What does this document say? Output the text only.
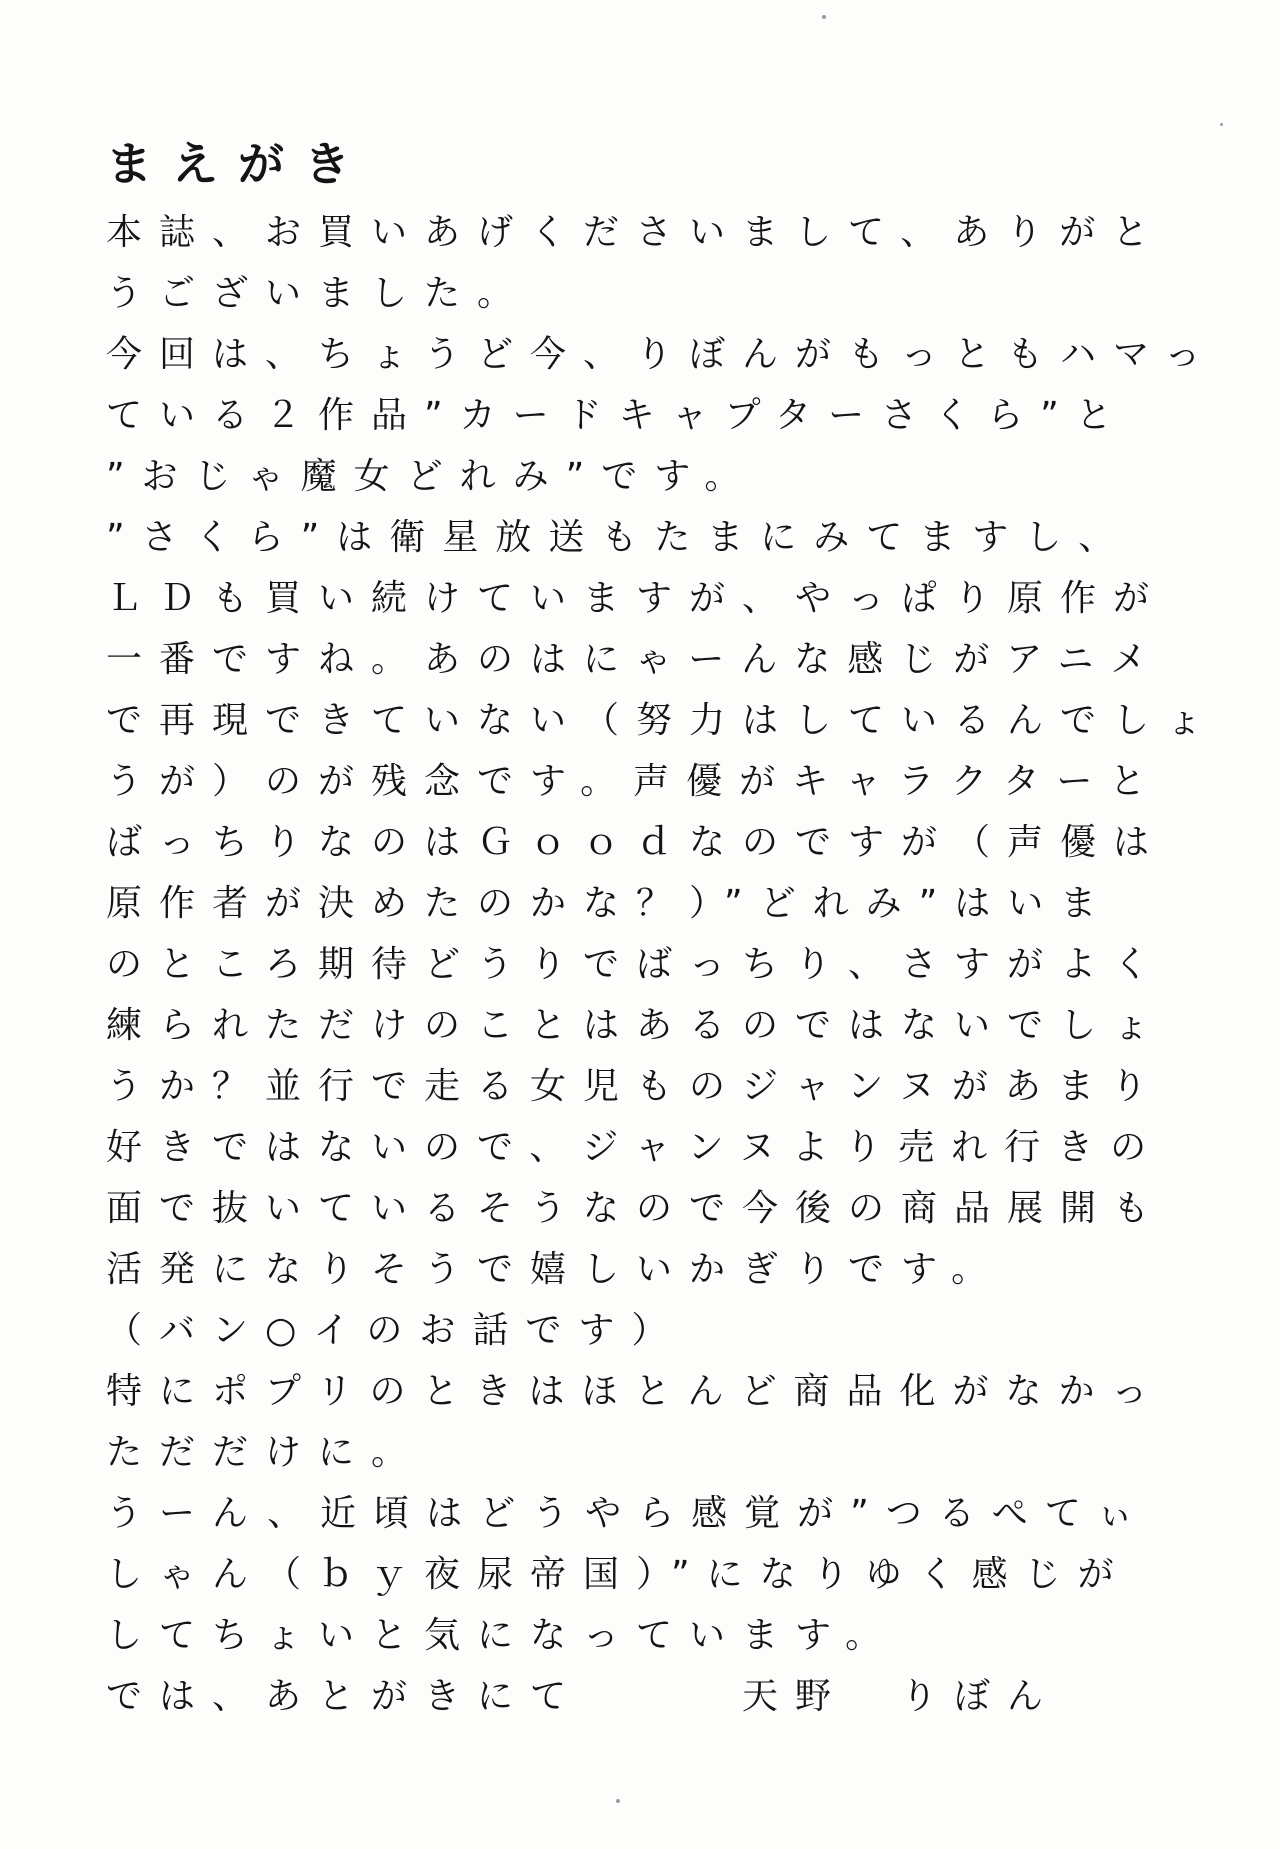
まえがき
本誌、お買いあげくださいまして、ありがと
うございました。
今回は、ちょうど今、りぼんがもっともハマっ
ている２作品”カードキャプターさくら”と
”おじゃ魔女どれみ”です。
”さくら”は衛星放送もたまにみてますし、
ＬＤも買い続けていますが、やっぱり原作が
一番ですね。あのはにゃーんな感じがアニメ
で再現できていない（努力はしているんでしょ
うが）のが残念です。声優がキャラクターと
ばっちりなのはＧｏｏｄなのですが（声優は
原作者が決めたのかな？）”どれみ”はいま
のところ期待どうりでばっちり、さすがよく
練られただけのことはあるのではないでしょ
うか？並行で走る女児ものジャンヌがあまり
好きではないので、ジャンヌより売れ行きの
面で抜いているそうなので今後の商品展開も
活発になりそうで嬉しいかぎりです。
（バン○イのお話です）
特にポプリのときはほとんど商品化がなかっ
ただだけに。
うーん、近頃はどうやら感覚が”つるぺてぃ
しゃん（ｂｙ夜尿帝国）”になりゆく感じが
してちょいと気になっています。
では、あとがきにて　　　天野　りぼん
